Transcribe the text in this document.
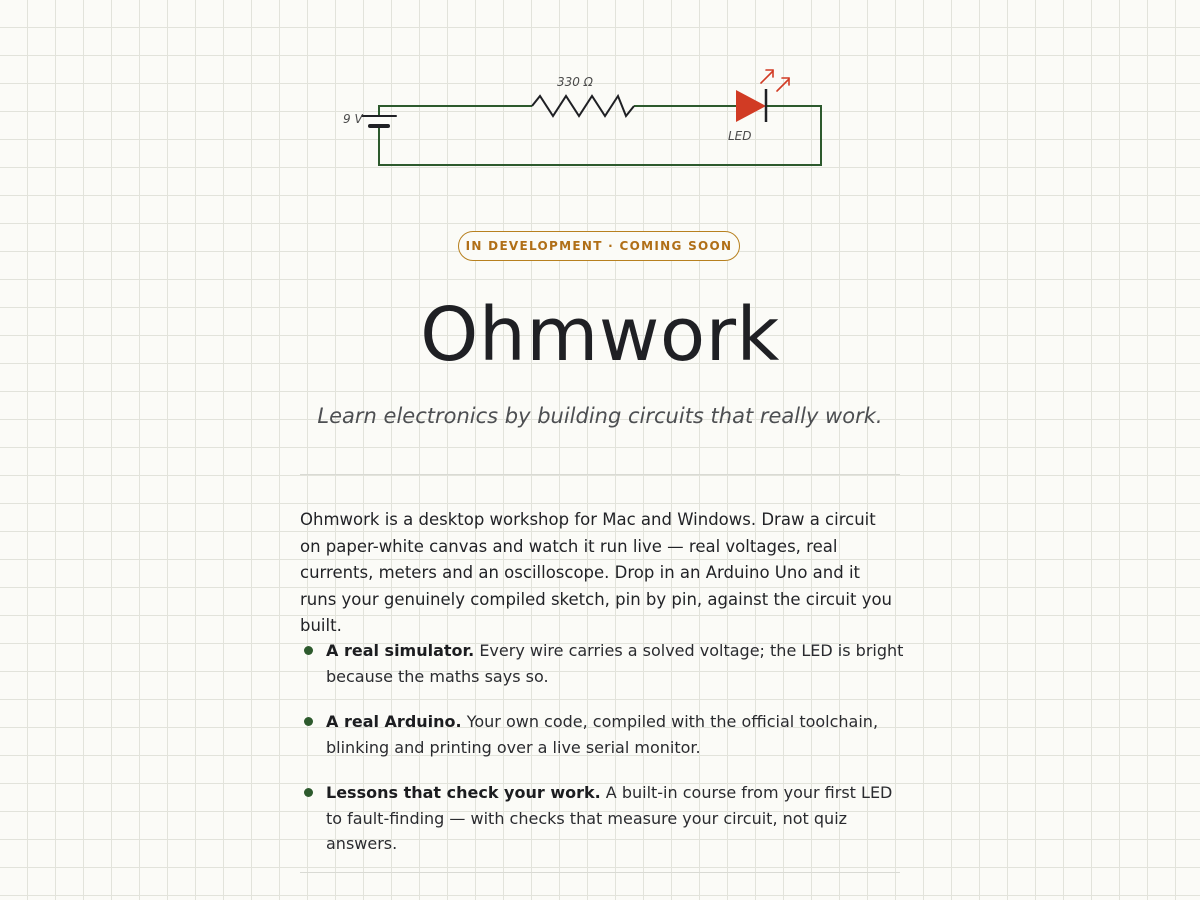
9 V
330 Ω
LED
IN DEVELOPMENT · COMING SOON
Ohmwork

Learn electronics by building circuits that really work.

Ohmwork is a desktop workshop for Mac and Windows. Draw a circuit on paper-white canvas and watch it run live — real voltages, real currents, meters and an oscilloscope. Drop in an Arduino Uno and it runs your genuinely compiled sketch, pin by pin, against the circuit you built.

A real simulator. Every wire carries a solved voltage; the LED is bright because the maths says so.
A real Arduino. Your own code, compiled with the official toolchain, blinking and printing over a live serial monitor.
Lessons that check your work. A built-in course from your first LED to fault-finding — with checks that measure your circuit, not quiz answers.
